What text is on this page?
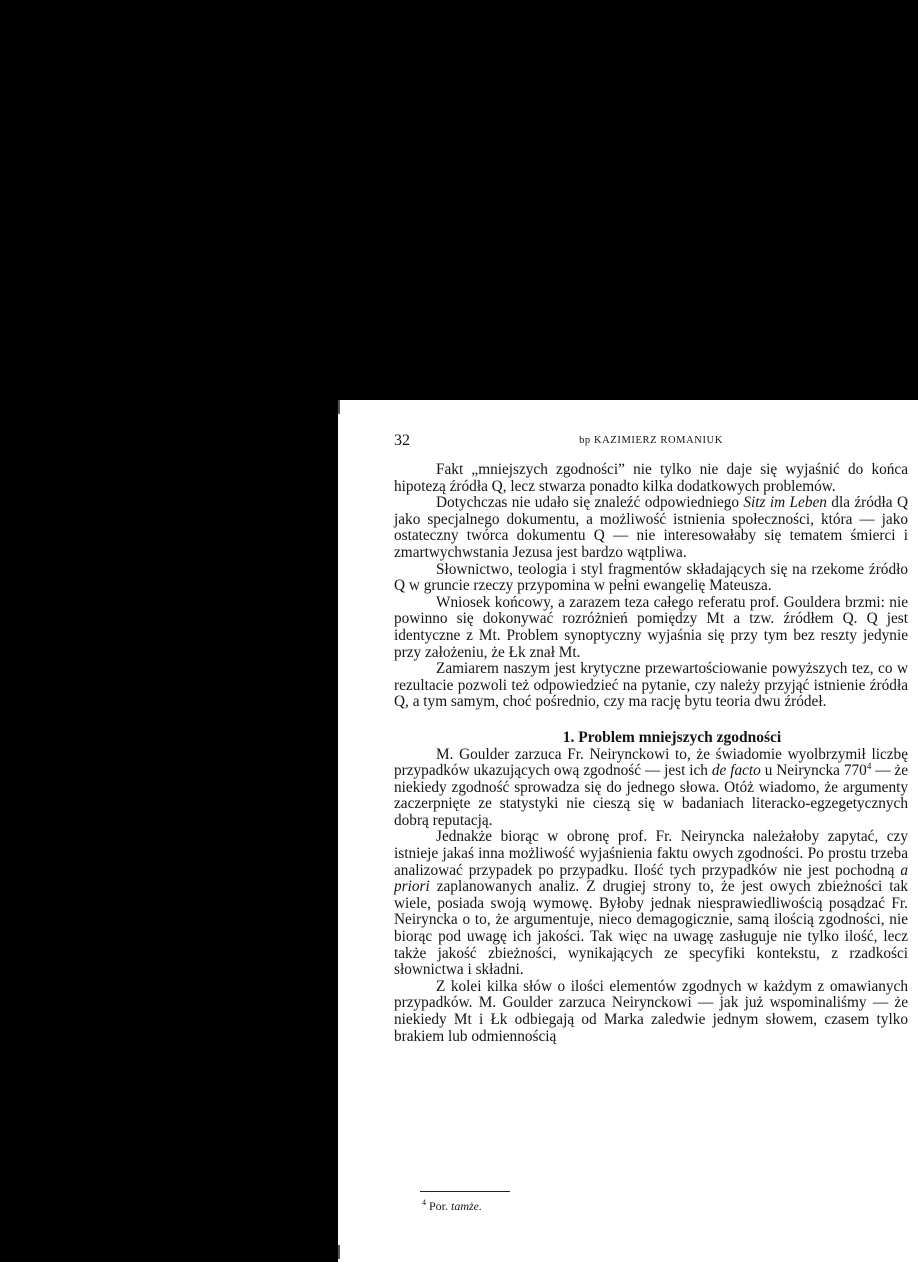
32	bp KAZIMIERZ ROMANIUK

Fakt „mniejszych zgodności” nie tylko nie daje się wyjaśnić do końca hipotezą źródła Q, lecz stwarza ponadto kilka dodatkowych problemów.

Dotychczas nie udało się znaleźć odpowiedniego Sitz im Leben dla źródła Q jako specjalnego dokumentu, a możliwość istnienia społeczności, która — jako ostateczny twórca dokumentu Q — nie interesowałaby się tematem śmierci i zmartwychwstania Jezusa jest bardzo wątpliwa.

Słownictwo, teologia i styl fragmentów składających się na rzekome źródło Q w gruncie rzeczy przypomina w pełni ewangelię Mateusza.

Wniosek końcowy, a zarazem teza całego referatu prof. Gouldera brzmi: nie powinno się dokonywać rozróżnień pomiędzy Mt a tzw. źródłem Q. Q jest identyczne z Mt. Problem synoptyczny wyjaśnia się przy tym bez reszty jedynie przy założeniu, że Łk znał Mt.

Zamiarem naszym jest krytyczne przewartościowanie powyższych tez, co w rezultacie pozwoli też odpowiedzieć na pytanie, czy należy przyjąć istnienie źródła Q, a tym samym, choć pośrednio, czy ma rację bytu teoria dwu źródeł.

1. Problem mniejszych zgodności

M. Goulder zarzuca Fr. Neirynckowi to, że świadomie wyolbrzymił liczbę przypadków ukazujących ową zgodność — jest ich de facto u Neiryncka 770$^4$ — że niekiedy zgodność sprowadza się do jednego słowa. Otóż wiadomo, że argumenty zaczerpnięte ze statystyki nie cieszą się w badaniach literacko-egzegetycznych dobrą reputacją.

Jednakże biorąc w obronę prof. Fr. Neiryncka należałoby zapytać, czy istnieje jakaś inna możliwość wyjaśnienia faktu owych zgodności. Po prostu trzeba analizować przypadek po przypadku. Ilość tych przypadków nie jest pochodną a priori zaplanowanych analiz. Z drugiej strony to, że jest owych zbieżności tak wiele, posiada swoją wymowę. Byłoby jednak niesprawiedliwością posądzać Fr. Neiryncka o to, że argumentuje, nieco demagogicznie, samą ilością zgodności, nie biorąc pod uwagę ich jakości. Tak więc na uwagę zasługuje nie tylko ilość, lecz także jakość zbieżności, wynikających ze specyfiki kontekstu, z rzadkości słownictwa i składni.

Z kolei kilka słów o ilości elementów zgodnych w każdym z omawianych przypadków. M. Goulder zarzuca Neirynckowi — jak już wspominaliśmy — że niekiedy Mt i Łk odbiegają od Marka zaledwie jednym słowem, czasem tylko brakiem lub odmiennością

$^4$ Por. tamże.
